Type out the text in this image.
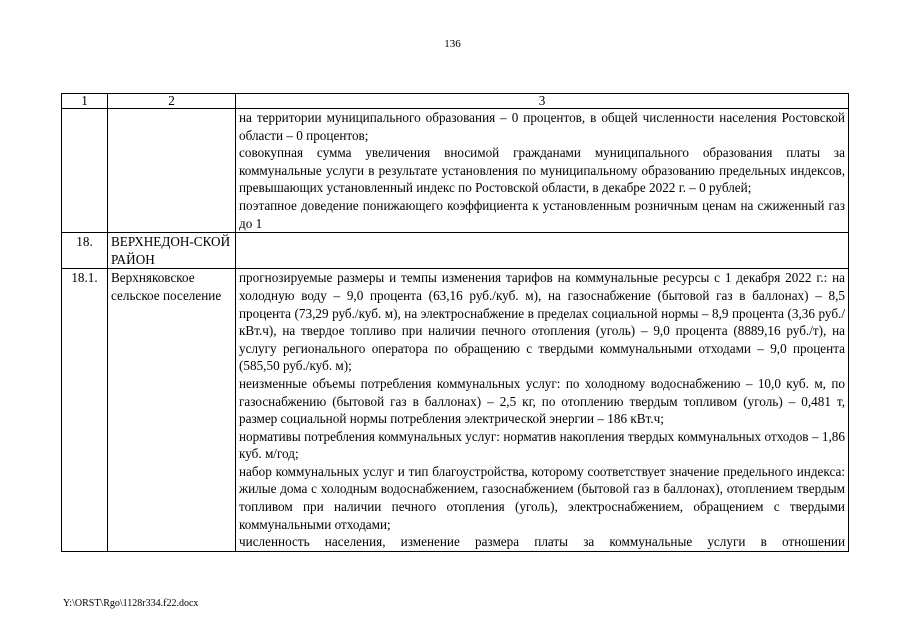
136
1	2	3

		на территории муниципального образования – 0 процентов, в общей численности населения Ростовской области – 0 процентов;
совокупная сумма увеличения вносимой гражданами муниципального образования платы за коммунальные услуги в результате установления по муниципальному образованию предельных индексов, превышающих установленный индекс по Ростовской области, в декабре 2022 г. – 0 рублей;
поэтапное доведение понижающего коэффициента к установленным розничным ценам на сжиженный газ до 1

18.	ВЕРХНЕДОН-СКОЙ РАЙОН	
18.1.	Верхняковское сельское поселение	прогнозируемые размеры и темпы изменения тарифов на коммунальные ресурсы с 1 декабря 2022 г.: на холодную воду – 9,0 процента (63,16 руб./куб. м), на газоснабжение (бытовой газ в баллонах) – 8,5 процента (73,29 руб./куб. м), на электроснабжение в пределах социальной нормы – 8,9 процента (3,36 руб./кВт.ч), на твердое топливо при наличии печного отопления (уголь) – 9,0 процента (8889,16 руб./т), на услугу регионального оператора по обращению с твердыми коммунальными отходами – 9,0 процента (585,50 руб./куб. м);
неизменные объемы потребления коммунальных услуг: по холодному водоснабжению – 10,0 куб. м, по газоснабжению (бытовой газ в баллонах) – 2,5 кг, по отоплению твердым топливом (уголь) – 0,481 т, размер социальной нормы потребления электрической энергии – 186 кВт.ч;
нормативы потребления коммунальных услуг: норматив накопления твердых коммунальных отходов – 1,86 куб. м/год;
набор коммунальных услуг и тип благоустройства, которому соответствует значение предельного индекса: жилые дома с холодным водоснабжением, газоснабжением (бытовой газ в баллонах), отоплением твердым топливом при наличии печного отопления (уголь), электроснабжением, обращением с твердыми коммунальными отходами;
численность населения, изменение размера платы за коммунальные услуги в отношении
Y:\ORST\Rgo\1128r334.f22.docx
